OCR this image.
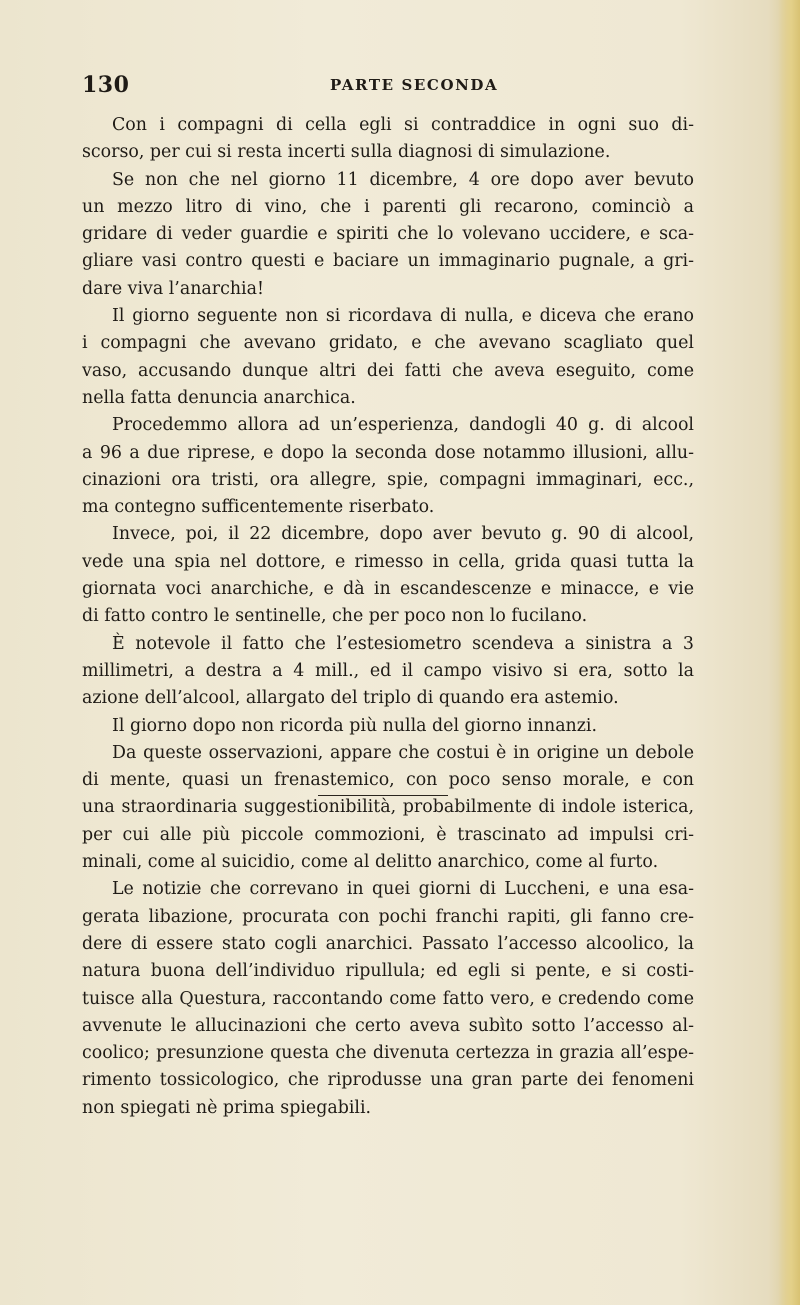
130	PARTE SECONDA
Con i compagni di cella egli si contraddice in ogni suo di-
scorso, per cui si resta incerti sulla diagnosi di simulazione.
Se non che nel giorno 11 dicembre, 4 ore dopo aver bevuto
un mezzo litro di vino, che i parenti gli recarono, cominciò a
gridare di veder guardie e spiriti che lo volevano uccidere, e sca-
gliare vasi contro questi e baciare un immaginario pugnale, a gri-
dare viva l’anarchia!
Il giorno seguente non si ricordava di nulla, e diceva che erano
i compagni che avevano gridato, e che avevano scagliato quel
vaso, accusando dunque altri dei fatti che aveva eseguito, come
nella fatta denuncia anarchica.
Procedemmo allora ad un’esperienza, dandogli 40 g. di alcool
a 96 a due riprese, e dopo la seconda dose notammo illusioni, allu-
cinazioni ora tristi, ora allegre, spie, compagni immaginari, ecc.,
ma contegno sufficentemente riserbato.
Invece, poi, il 22 dicembre, dopo aver bevuto g. 90 di alcool,
vede una spia nel dottore, e rimesso in cella, grida quasi tutta la
giornata voci anarchiche, e dà in escandescenze e minacce, e vie
di fatto contro le sentinelle, che per poco non lo fucilano.
È notevole il fatto che l’estesiometro scendeva a sinistra a 3
millimetri, a destra a 4 mill., ed il campo visivo si era, sotto la
azione dell’alcool, allargato del triplo di quando era astemio.
Il giorno dopo non ricorda più nulla del giorno innanzi.
Da queste osservazioni, appare che costui è in origine un debole
di mente, quasi un frenastemico, con poco senso morale, e con
una straordinaria suggestionibilità, probabilmente di indole isterica,
per cui alle più piccole commozioni, è trascinato ad impulsi cri-
minali, come al suicidio, come al delitto anarchico, come al furto.
Le notizie che correvano in quei giorni di Luccheni, e una esa-
gerata libazione, procurata con pochi franchi rapiti, gli fanno cre-
dere di essere stato cogli anarchici. Passato l’accesso alcoolico, la
natura buona dell’individuo ripullula; ed egli si pente, e si costi-
tuisce alla Questura, raccontando come fatto vero, e credendo come
avvenute le allucinazioni che certo aveva subìto sotto l’accesso al-
coolico; presunzione questa che divenuta certezza in grazia all’espe-
rimento tossicologico, che riprodusse una gran parte dei fenomeni
non spiegati nè prima spiegabili.
